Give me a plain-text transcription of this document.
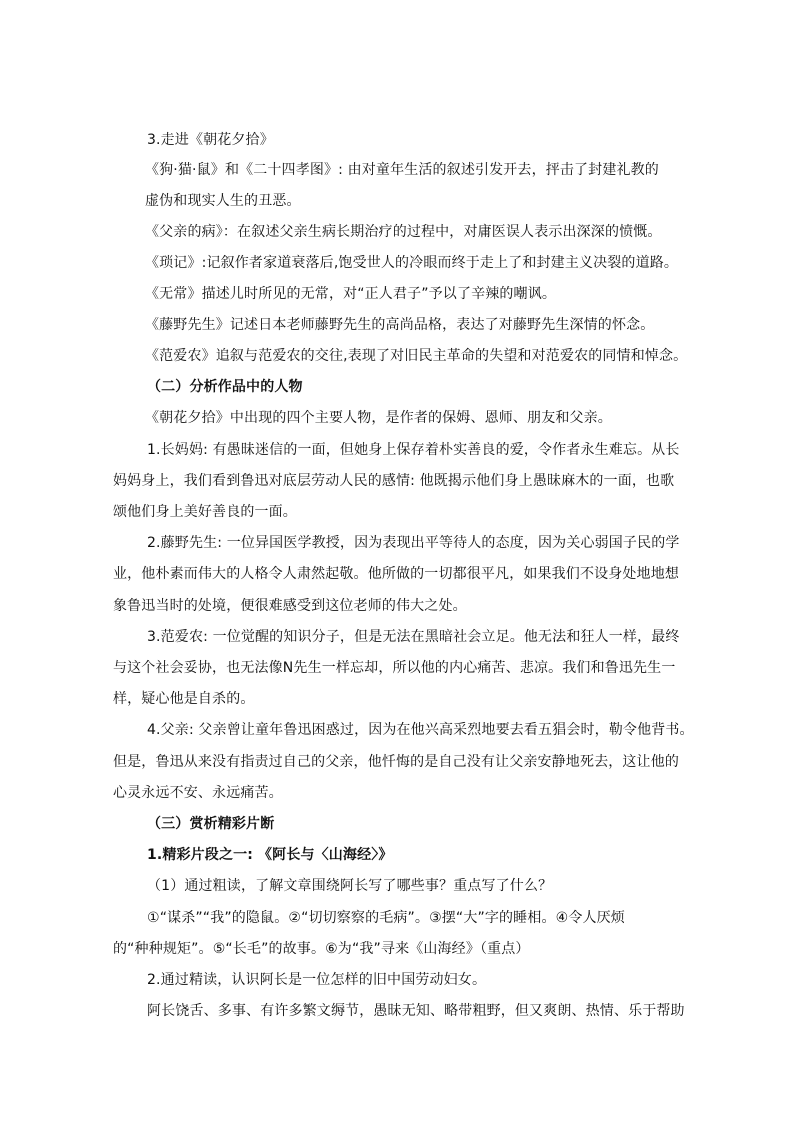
3.走进《朝花夕拾》
《狗·猫·鼠》和《二十四孝图》: 由对童年生活的叙述引发开去，抨击了封建礼教的
虚伪和现实人生的丑恶。
《父亲的病》：在叙述父亲生病长期治疗的过程中，对庸医误人表示出深深的愤慨。
《琐记》:记叙作者家道衰落后,饱受世人的冷眼而终于走上了和封建主义决裂的道路。
《无常》描述儿时所见的无常，对“正人君子”予以了辛辣的嘲讽。
《藤野先生》记述日本老师藤野先生的高尚品格，表达了对藤野先生深情的怀念。
《范爱农》追叙与范爱农的交往,表现了对旧民主革命的失望和对范爱农的同情和悼念。
（二）分析作品中的人物
《朝花夕拾》中出现的四个主要人物，是作者的保姆、恩师、朋友和父亲。
1.长妈妈: 有愚昧迷信的一面，但她身上保存着朴实善良的爱，令作者永生难忘。从长
妈妈身上，我们看到鲁迅对底层劳动人民的感情: 他既揭示他们身上愚昧麻木的一面，也歌
颂他们身上美好善良的一面。
2.藤野先生: 一位异国医学教授，因为表现出平等待人的态度，因为关心弱国子民的学
业，他朴素而伟大的人格令人肃然起敬。他所做的一切都很平凡，如果我们不设身处地地想
象鲁迅当时的处境，便很难感受到这位老师的伟大之处。
3.范爱农: 一位觉醒的知识分子，但是无法在黑暗社会立足。他无法和狂人一样，最终
与这个社会妥协，也无法像N先生一样忘却，所以他的内心痛苦、悲凉。我们和鲁迅先生一
样，疑心他是自杀的。
4.父亲: 父亲曾让童年鲁迅困惑过，因为在他兴高采烈地要去看五猖会时，勒令他背书。
但是，鲁迅从来没有指责过自己的父亲，他忏悔的是自己没有让父亲安静地死去，这让他的
心灵永远不安、永远痛苦。
（三）赏析精彩片断
1.精彩片段之一: 《阿长与〈山海经〉》
（1）通过粗读，了解文章围绕阿长写了哪些事？重点写了什么？
①“谋杀”“我”的隐鼠。②“切切察察的毛病”。③摆“大”字的睡相。④令人厌烦
的“种种规矩”。⑤“长毛”的故事。⑥为“我”寻来《山海经》（重点）
2.通过精读，认识阿长是一位怎样的旧中国劳动妇女。
阿长饶舌、多事、有许多繁文缛节，愚昧无知、略带粗野，但又爽朗、热情、乐于帮助
